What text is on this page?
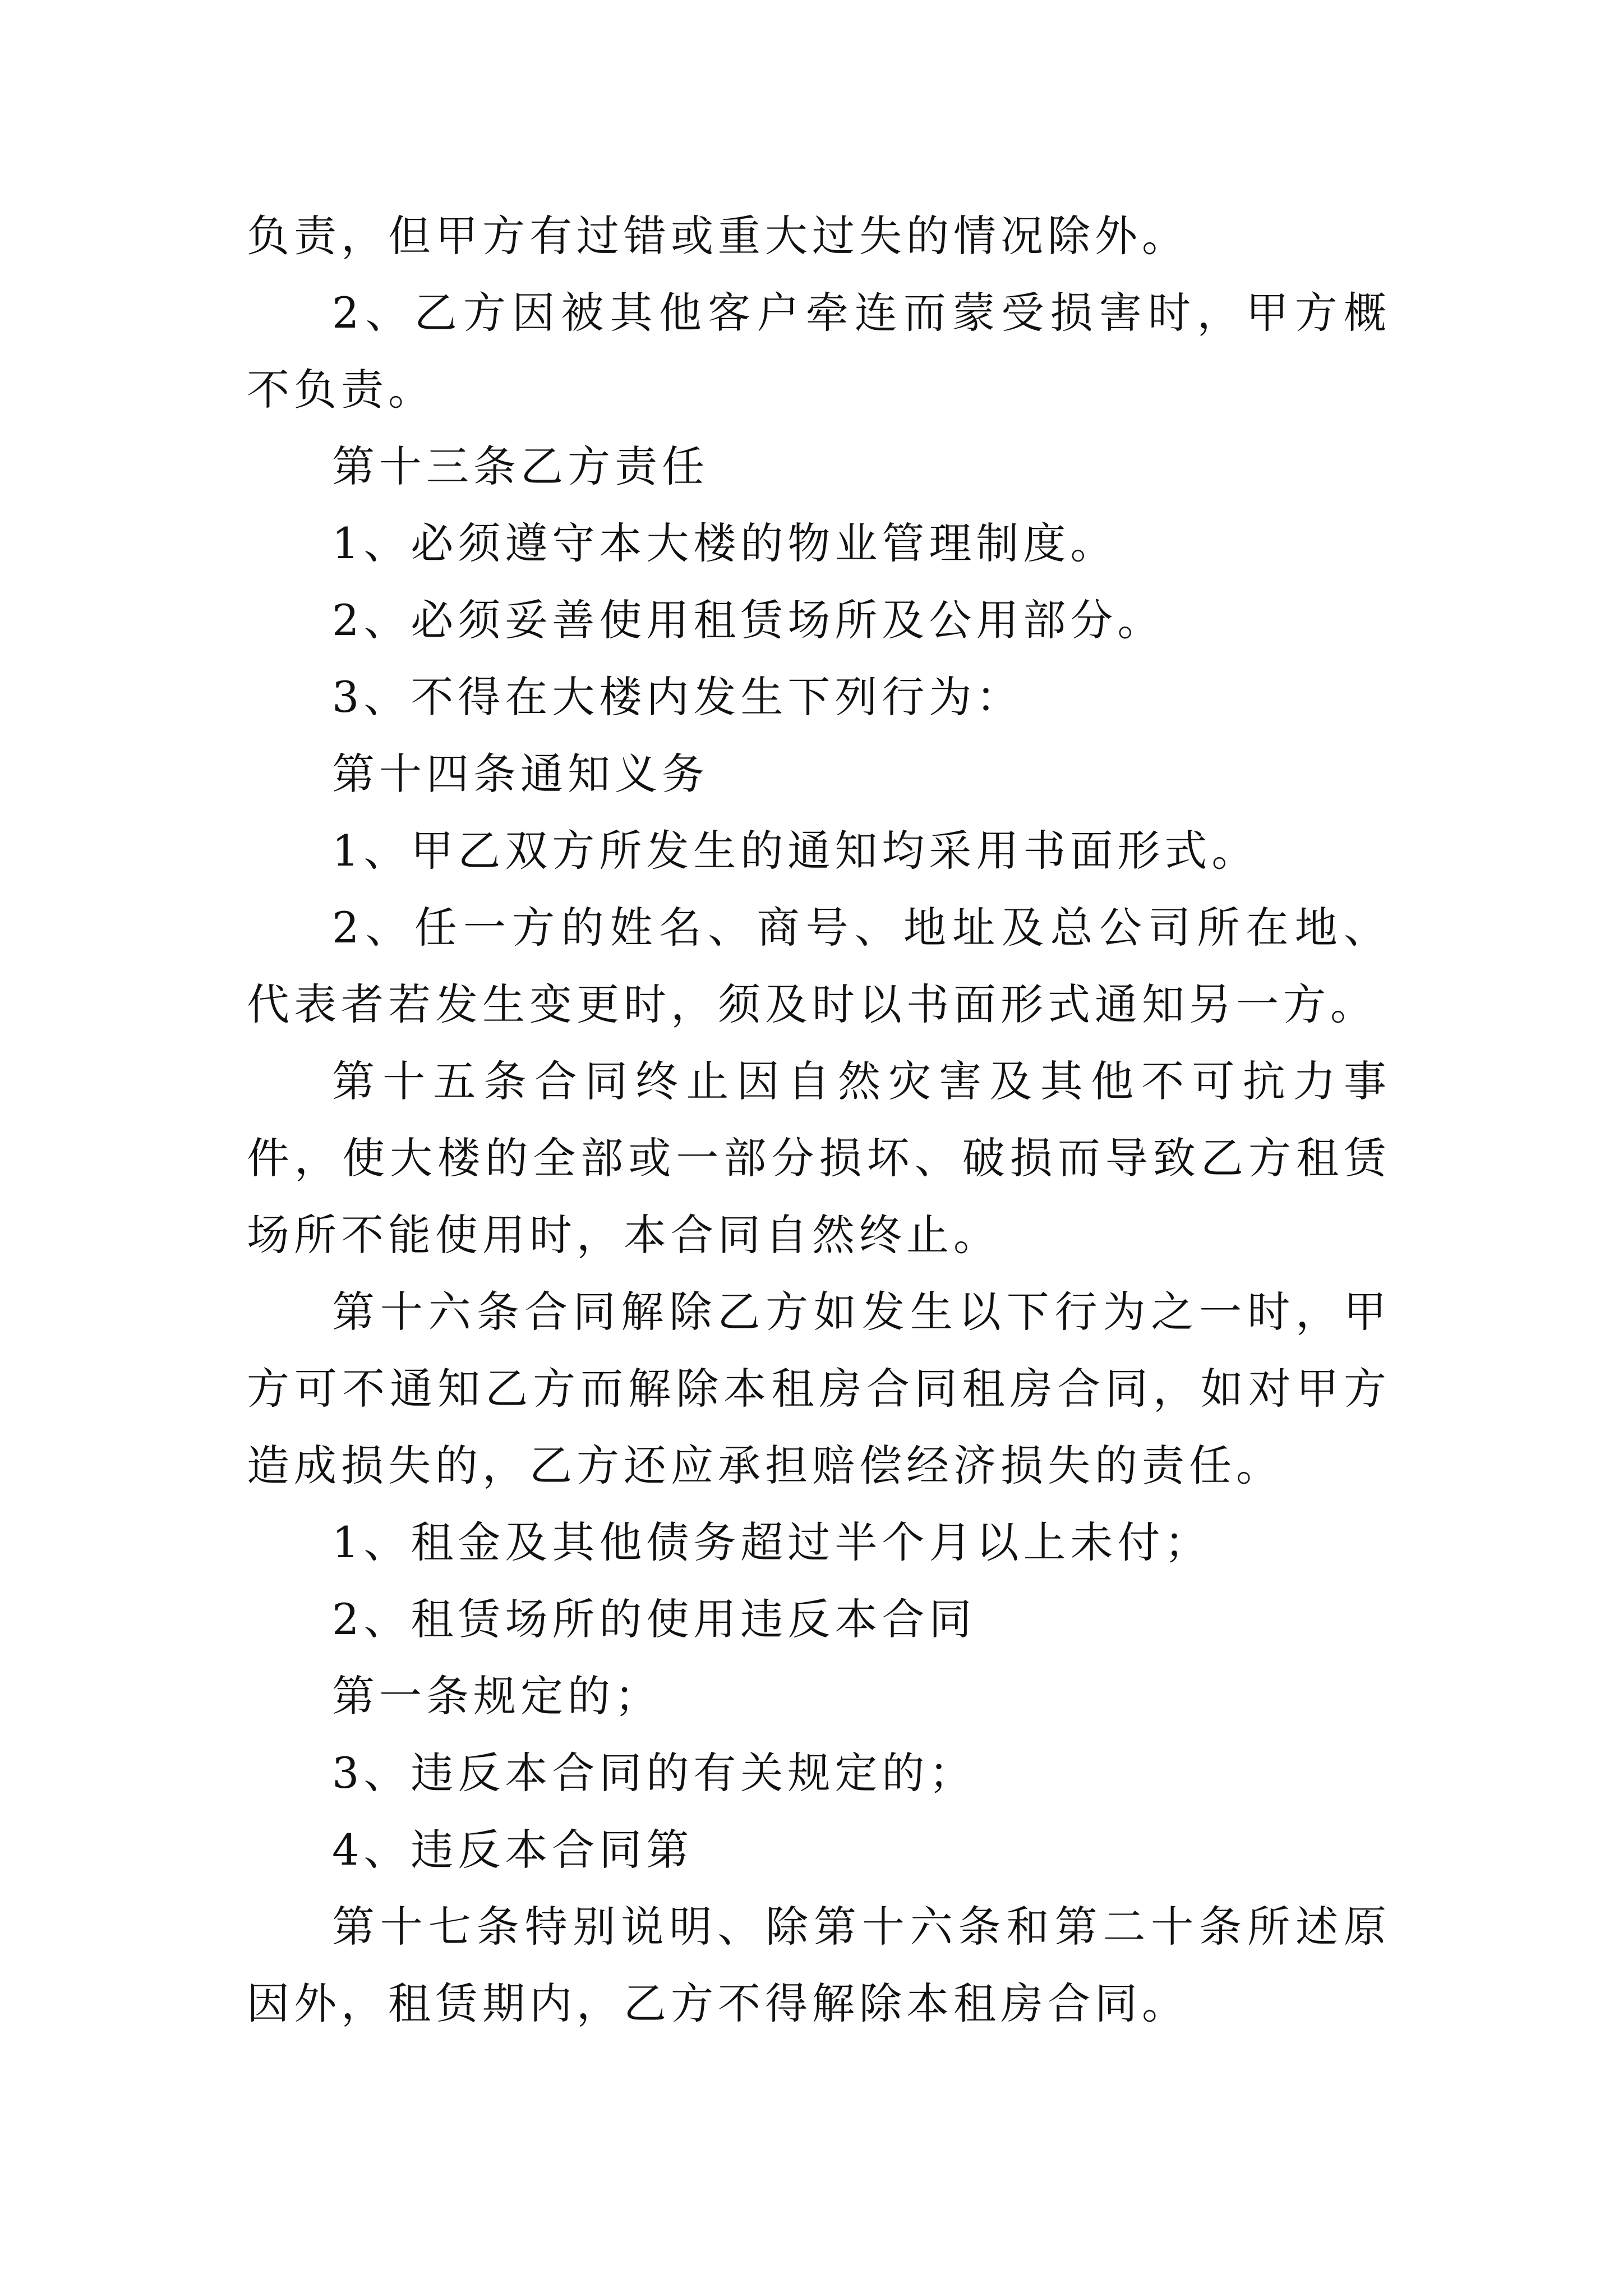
负责，但甲方有过错或重大过失的情况除外。

2、乙方因被其他客户牵连而蒙受损害时，甲方概不负责。

第十三条乙方责任

1、必须遵守本大楼的物业管理制度。

2、必须妥善使用租赁场所及公用部分。

3、不得在大楼内发生下列行为：

第十四条通知义务

1、甲乙双方所发生的通知均采用书面形式。

2、任一方的姓名、商号、地址及总公司所在地、代表者若发生变更时，须及时以书面形式通知另一方。

第十五条合同终止因自然灾害及其他不可抗力事件，使大楼的全部或一部分损坏、破损而导致乙方租赁场所不能使用时，本合同自然终止。

第十六条合同解除乙方如发生以下行为之一时，甲方可不通知乙方而解除本租房合同租房合同，如对甲方造成损失的，乙方还应承担赔偿经济损失的责任。

1、租金及其他债务超过半个月以上未付；

2、租赁场所的使用违反本合同

第一条规定的；

3、违反本合同的有关规定的；

4、违反本合同第

第十七条特别说明、除第十六条和第二十条所述原因外，租赁期内，乙方不得解除本租房合同。
